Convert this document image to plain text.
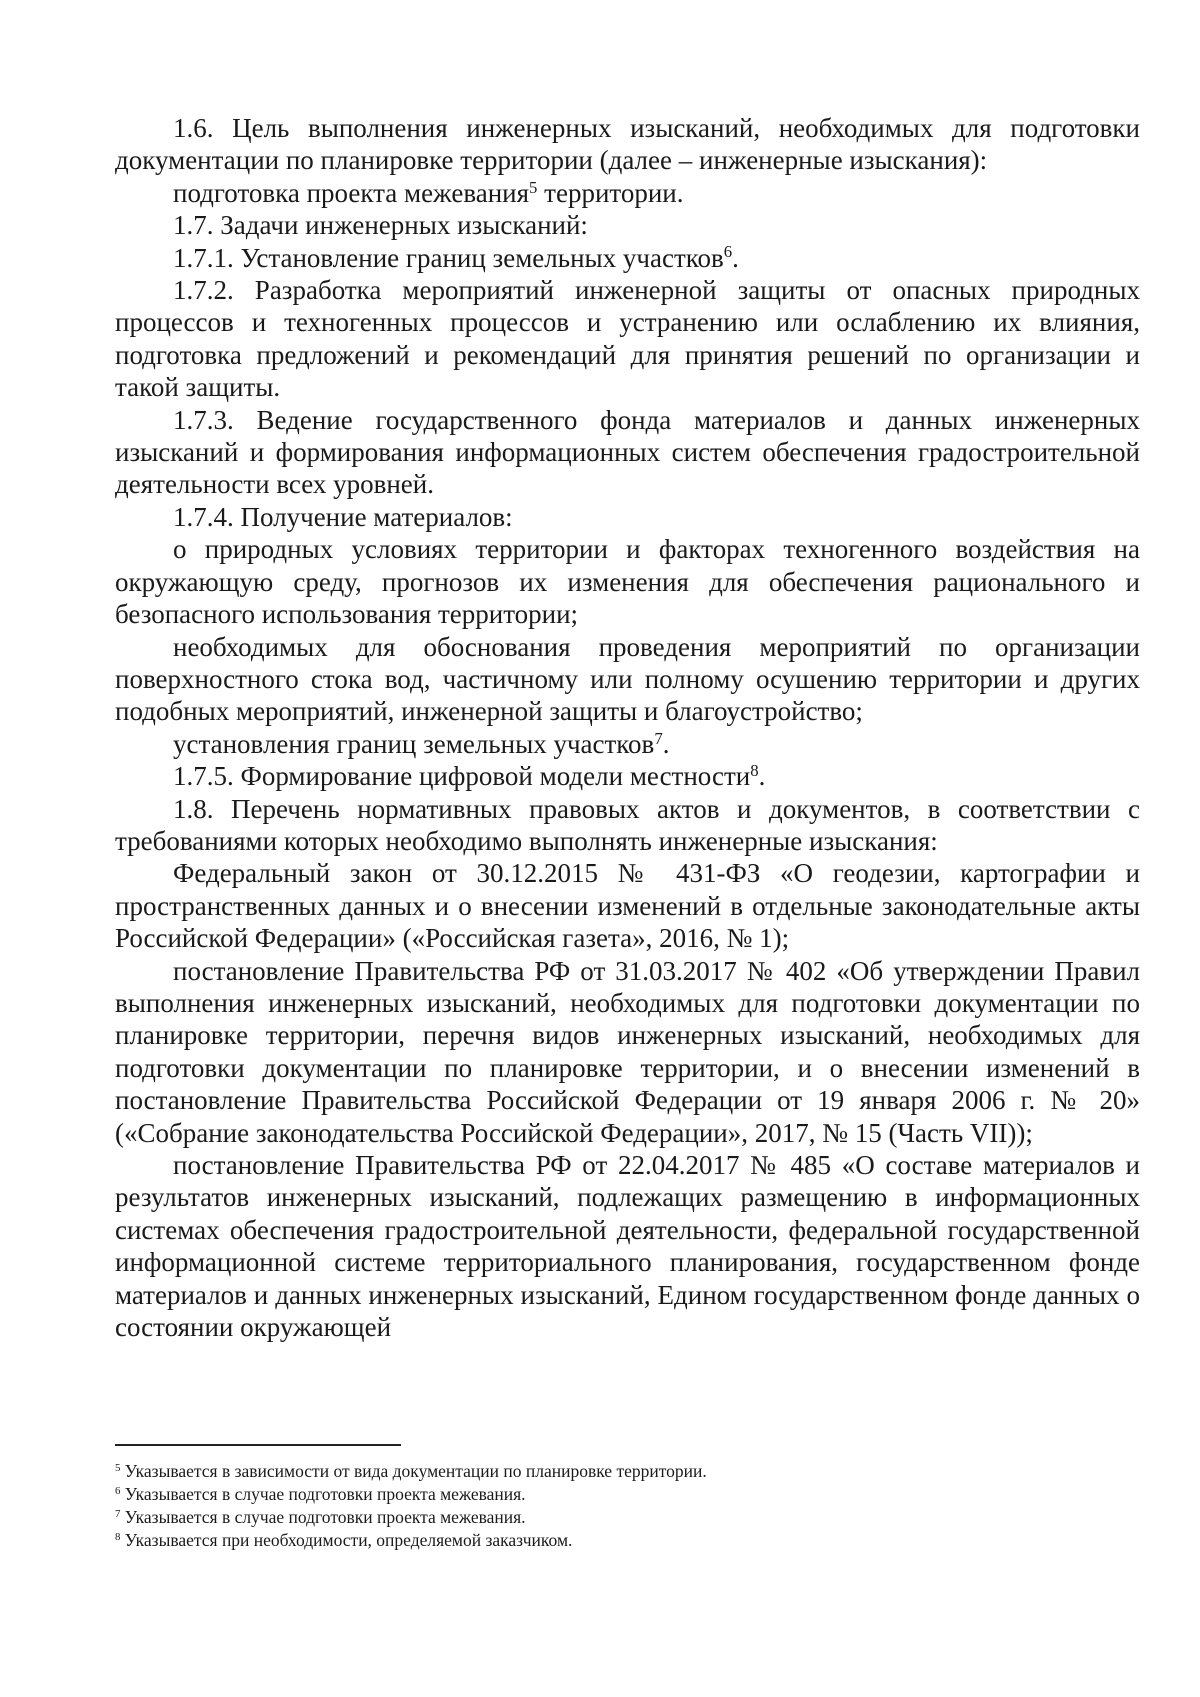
1.6. Цель выполнения инженерных изысканий, необходимых для подготовки документации по планировке территории (далее – инженерные изыскания):

подготовка проекта межевания$^5$ территории.

1.7. Задачи инженерных изысканий:

1.7.1. Установление границ земельных участков$^6$.

1.7.2. Разработка мероприятий инженерной защиты от опасных природных процессов и техногенных процессов и устранению или ослаблению их влияния, подготовка предложений и рекомендаций для принятия решений по организации и такой защиты.

1.7.3. Ведение государственного фонда материалов и данных инженерных изысканий и формирования информационных систем обеспечения градостроительной деятельности всех уровней.

1.7.4. Получение материалов:

о природных условиях территории и факторах техногенного воздействия на окружающую среду, прогнозов их изменения для обеспечения рационального и безопасного использования территории;

необходимых для обоснования проведения мероприятий по организации поверхностного стока вод, частичному или полному осушению территории и других подобных мероприятий, инженерной защиты и благоустройство;

установления границ земельных участков$^7$.

1.7.5. Формирование цифровой модели местности$^8$.

1.8. Перечень нормативных правовых актов и документов, в соответствии с требованиями которых необходимо выполнять инженерные изыскания:

Федеральный закон от 30.12.2015 № 431-ФЗ «О геодезии, картографии и пространственных данных и о внесении изменений в отдельные законодательные акты Российской Федерации» («Российская газета», 2016, № 1);

постановление Правительства РФ от 31.03.2017 № 402 «Об утверждении Правил выполнения инженерных изысканий, необходимых для подготовки документации по планировке территории, перечня видов инженерных изысканий, необходимых для подготовки документации по планировке территории, и о внесении изменений в постановление Правительства Российской Федерации от 19 января 2006 г. № 20» («Собрание законодательства Российской Федерации», 2017, № 15 (Часть VII));

постановление Правительства РФ от 22.04.2017 № 485 «О составе материалов и результатов инженерных изысканий, подлежащих размещению в информационных системах обеспечения градостроительной деятельности, федеральной государственной информационной системе территориального планирования, государственном фонде материалов и данных инженерных изысканий, Едином государственном фонде данных о состоянии окружающей

$^5$ Указывается в зависимости от вида документации по планировке территории.

$^6$ Указывается в случае подготовки проекта межевания.

$^7$ Указывается в случае подготовки проекта межевания.

$^8$ Указывается при необходимости, определяемой заказчиком.
